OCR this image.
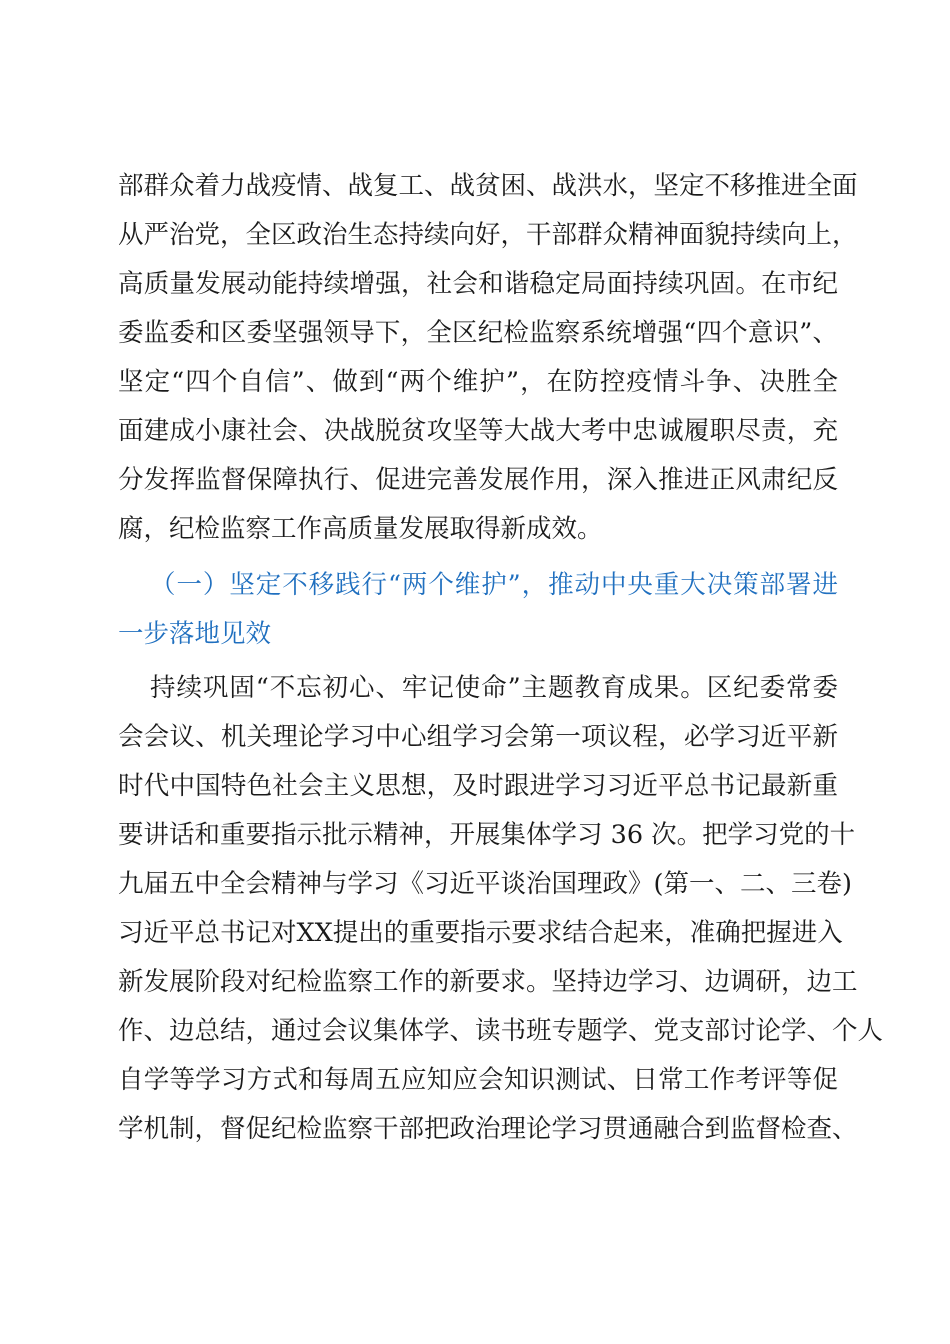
部群众着力战疫情、战复工、战贫困、战洪水，坚定不移推进全面
从严治党，全区政治生态持续向好，干部群众精神面貌持续向上，
高质量发展动能持续增强，社会和谐稳定局面持续巩固。在市纪
委监委和区委坚强领导下，全区纪检监察系统增强“四个意识”、
坚定“四个自信”、做到“两个维护”，在防控疫情斗争、决胜全
面建成小康社会、决战脱贫攻坚等大战大考中忠诚履职尽责，充
分发挥监督保障执行、促进完善发展作用，深入推进正风肃纪反
腐，纪检监察工作高质量发展取得新成效。
（一）坚定不移践行“两个维护”，推动中央重大决策部署进
一步落地见效
持续巩固“不忘初心、牢记使命”主题教育成果。区纪委常委
会会议、机关理论学习中心组学习会第一项议程，必学习近平新
时代中国特色社会主义思想，及时跟进学习习近平总书记最新重
要讲话和重要指示批示精神，开展集体学习 36 次。把学习党的十
九届五中全会精神与学习《习近平谈治国理政》(第一、二、三卷)
习近平总书记对XX提出的重要指示要求结合起来，准确把握进入
新发展阶段对纪检监察工作的新要求。坚持边学习、边调研，边工
作、边总结，通过会议集体学、读书班专题学、党支部讨论学、个人
自学等学习方式和每周五应知应会知识测试、日常工作考评等促
学机制，督促纪检监察干部把政治理论学习贯通融合到监督检查、
